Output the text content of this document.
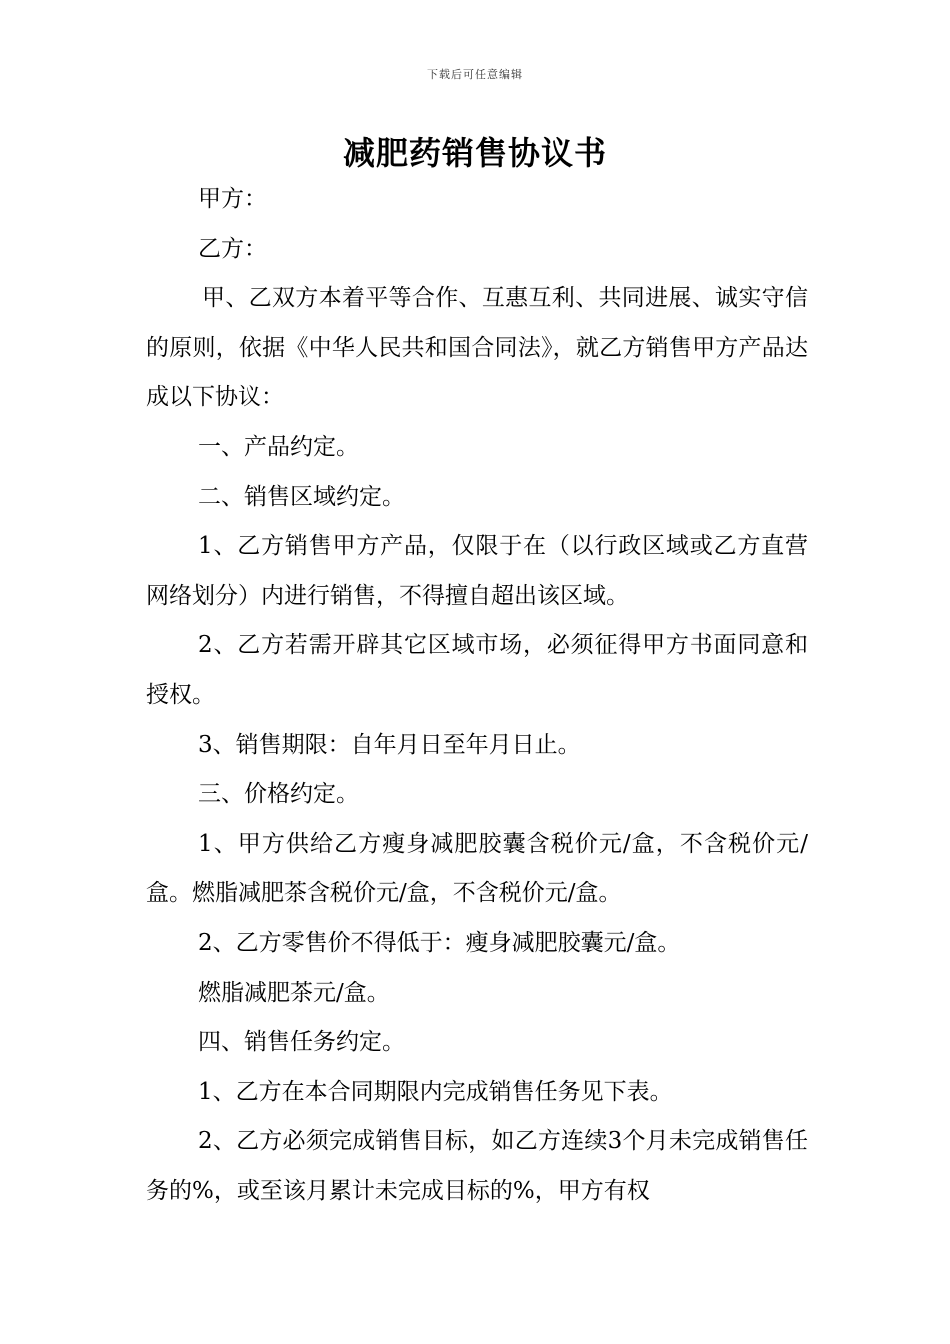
下载后可任意编辑
减肥药销售协议书

甲方：

乙方：

甲、乙双方本着平等合作、互惠互利、共同进展、诚实守信的原则，依据《中华人民共和国合同法》，就乙方销售甲方产品达成以下协议：

一、产品约定。

二、销售区域约定。

1、乙方销售甲方产品，仅限于在（以行政区域或乙方直营网络划分）内进行销售，不得擅自超出该区域。

2、乙方若需开辟其它区域市场，必须征得甲方书面同意和授权。

3、销售期限：自年月日至年月日止。

三、价格约定。

1、甲方供给乙方瘦身减肥胶囊含税价元/盒，不含税价元/盒。燃脂减肥茶含税价元/盒，不含税价元/盒。

2、乙方零售价不得低于：瘦身减肥胶囊元/盒。

燃脂减肥茶元/盒。

四、销售任务约定。

1、乙方在本合同期限内完成销售任务见下表。

2、乙方必须完成销售目标，如乙方连续3个月未完成销售任务的%，或至该月累计未完成目标的%，甲方有权
